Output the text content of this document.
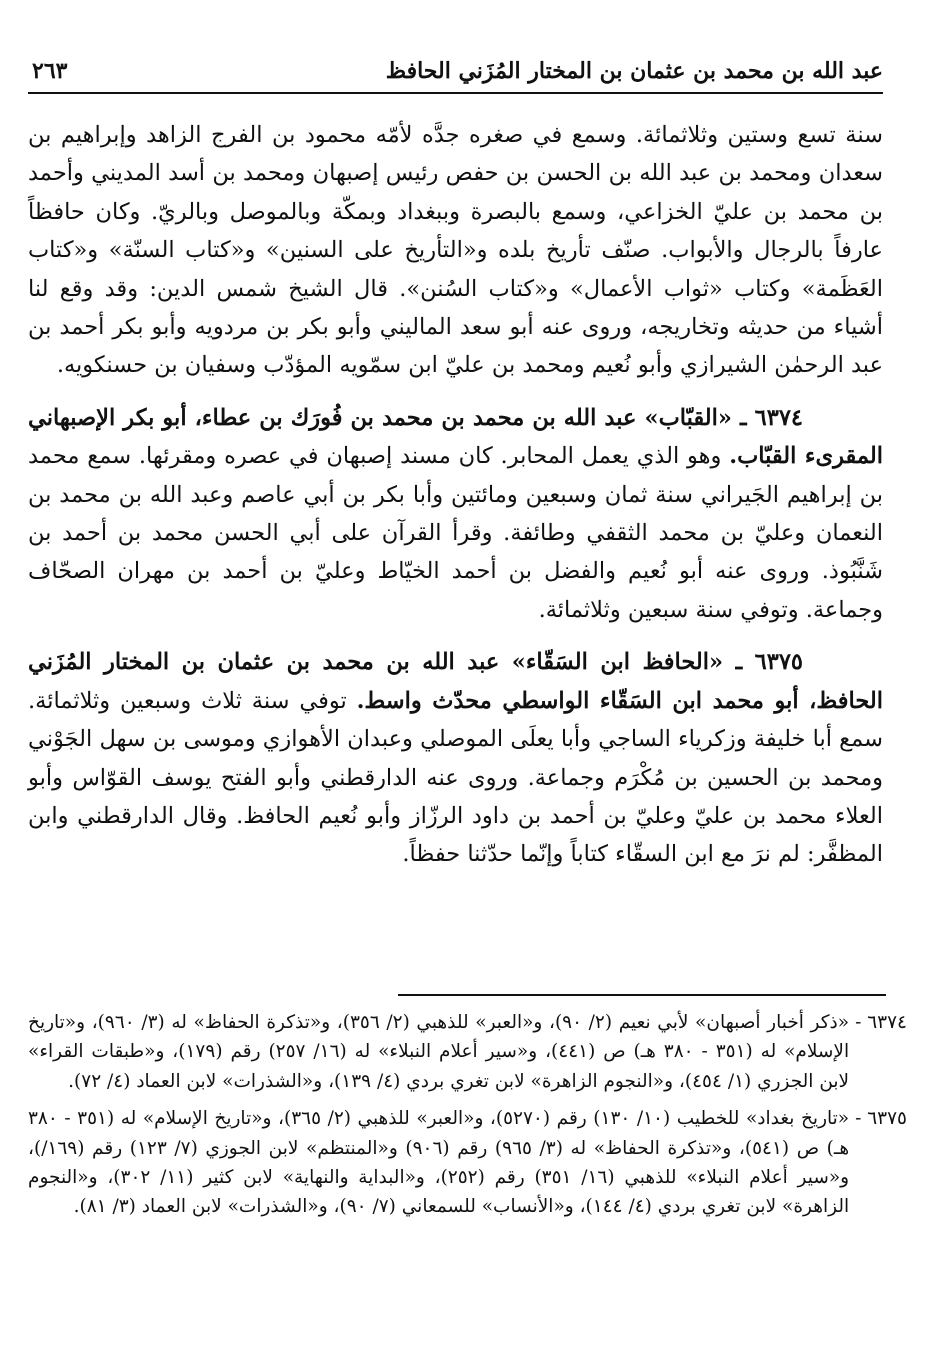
عبد الله بن محمد بن عثمان بن المختار المُزَني الحافظ
٢٦٣

سنة تسع وستين وثلاثمائة. وسمع في صغره جدَّه لأمّه محمود بن الفرج الزاهد وإبراهيم بن سعدان ومحمد بن عبد الله بن الحسن بن حفص رئيس إصبهان ومحمد بن أسد المديني وأحمد بن محمد بن عليّ الخزاعي، وسمع بالبصرة وببغداد وبمكّة وبالموصل وبالريّ. وكان حافظاً عارفاً بالرجال والأبواب. صنّف تأريخ بلده و«التأريخ على السنين» و«كتاب السنّة» و«كتاب العَظَمة» وكتاب «ثواب الأعمال» و«كتاب السُنن». قال الشيخ شمس الدين: وقد وقع لنا أشياء من حديثه وتخاريجه، وروى عنه أبو سعد الماليني وأبو بكر بن مردويه وأبو بكر أحمد بن عبد الرحمٰن الشيرازي وأبو نُعيم ومحمد بن عليّ ابن سمّويه المؤدّب وسفيان بن حسنكويه.

٦٣٧٤ ـ «القبّاب» عبد الله بن محمد بن محمد بن فُورَك بن عطاء، أبو بكر الإصبهاني المقرىء القبّاب. وهو الذي يعمل المحابر. كان مسند إصبهان في عصره ومقرئها. سمع محمد بن إبراهيم الجَيراني سنة ثمان وسبعين ومائتين وأبا بكر بن أبي عاصم وعبد الله بن محمد بن النعمان وعليّ بن محمد الثقفي وطائفة. وقرأ القرآن على أبي الحسن محمد بن أحمد بن شَنَّبُوذ. وروى عنه أبو نُعيم والفضل بن أحمد الخيّاط وعليّ بن أحمد بن مهران الصحّاف وجماعة. وتوفي سنة سبعين وثلاثمائة.

٦٣٧٥ ـ «الحافظ ابن السَقّاء» عبد الله بن محمد بن عثمان بن المختار المُزَني الحافظ، أبو محمد ابن السَقّاء الواسطي محدّث واسط. توفي سنة ثلاث وسبعين وثلاثمائة. سمع أبا خليفة وزكرياء الساجي وأبا يعلَى الموصلي وعبدان الأهوازي وموسى بن سهل الجَوْني ومحمد بن الحسين بن مُكْرَم وجماعة. وروى عنه الدارقطني وأبو الفتح يوسف القوّاس وأبو العلاء محمد بن عليّ وعليّ بن أحمد بن داود الرزّاز وأبو نُعيم الحافظ. وقال الدارقطني وابن المظفَّر: لم نرَ مع ابن السقّاء كتاباً وإنّما حدّثنا حفظاً.

٦٣٧٤ -
«ذكر أخبار أصبهان» لأبي نعيم (٢/ ٩٠)، و«العبر» للذهبي (٢/ ٣٥٦)، و«تذكرة الحفاظ» له (٣/ ٩٦٠)، و«تاريخ الإسلام» له (٣٥١ - ٣٨٠ هـ) ص (٤٤١)، و«سير أعلام النبلاء» له (١٦/ ٢٥٧) رقم (١٧٩)، و«طبقات القراء» لابن الجزري (١/ ٤٥٤)، و«النجوم الزاهرة» لابن تغري بردي (٤/ ١٣٩)، و«الشذرات» لابن العماد (٤/ ٧٢).
٦٣٧٥ -
«تاريخ بغداد» للخطيب (١٠/ ١٣٠) رقم (٥٢٧٠)، و«العبر» للذهبي (٢/ ٣٦٥)، و«تاريخ الإسلام» له (٣٥١ - ٣٨٠ هـ) ص (٥٤١)، و«تذكرة الحفاظ» له (٣/ ٩٦٥) رقم (٩٠٦) و«المنتظم» لابن الجوزي (٧/ ١٢٣) رقم (١٦٩/)، و«سير أعلام النبلاء» للذهبي (١٦/ ٣٥١) رقم (٢٥٢)، و«البداية والنهاية» لابن كثير (١١/ ٣٠٢)، و«النجوم الزاهرة» لابن تغري بردي (٤/ ١٤٤)، و«الأنساب» للسمعاني (٧/ ٩٠)، و«الشذرات» لابن العماد (٣/ ٨١).
